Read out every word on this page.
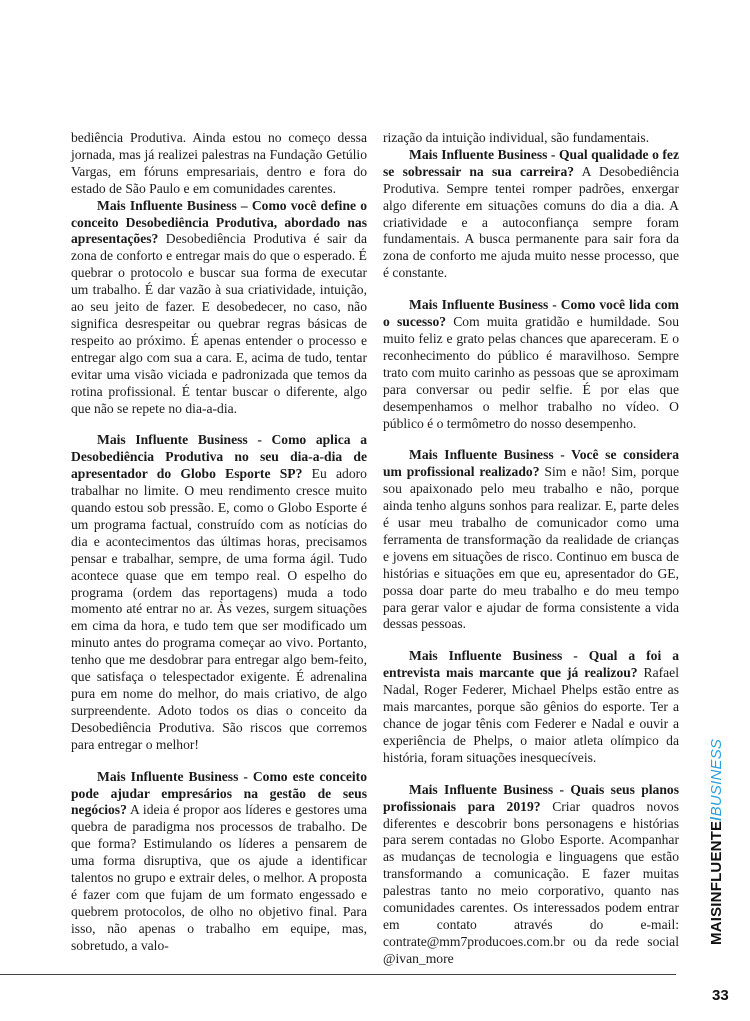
bediência Produtiva. Ainda estou no começo dessa jornada, mas já realizei palestras na Fundação Getúlio Vargas, em fóruns empresariais, dentro e fora do estado de São Paulo e em comunidades carentes.

Mais Influente Business – Como você define o conceito Desobediência Produtiva, abordado nas apresentações? Desobediência Produtiva é sair da zona de conforto e entregar mais do que o esperado. É quebrar o protocolo e buscar sua forma de executar um trabalho. É dar vazão à sua criatividade, intuição, ao seu jeito de fazer. E desobedecer, no caso, não significa desrespeitar ou quebrar regras básicas de respeito ao próximo. É apenas entender o processo e entregar algo com sua a cara. E, acima de tudo, tentar evitar uma visão viciada e padronizada que temos da rotina profissional. É tentar buscar o diferente, algo que não se repete no dia-a-dia.

Mais Influente Business - Como aplica a Desobediência Produtiva no seu dia-a-dia de apresentador do Globo Esporte SP? Eu adoro trabalhar no limite. O meu rendimento cresce muito quando estou sob pressão. E, como o Globo Esporte é um programa factual, construído com as notícias do dia e acontecimentos das últimas horas, precisamos pensar e trabalhar, sempre, de uma forma ágil. Tudo acontece quase que em tempo real. O espelho do programa (ordem das reportagens) muda a todo momento até entrar no ar. Às vezes, surgem situações em cima da hora, e tudo tem que ser modificado um minuto antes do programa começar ao vivo. Portanto, tenho que me desdobrar para entregar algo bem-feito, que satisfaça o telespectador exigente. É adrenalina pura em nome do melhor, do mais criativo, de algo surpreendente. Adoto todos os dias o conceito da Desobediência Produtiva. São riscos que corremos para entregar o melhor!

Mais Influente Business - Como este conceito pode ajudar empresários na gestão de seus negócios? A ideia é propor aos líderes e gestores uma quebra de paradigma nos processos de trabalho. De que forma? Estimulando os líderes a pensarem de uma forma disruptiva, que os ajude a identificar talentos no grupo e extrair deles, o melhor. A proposta é fazer com que fujam de um formato engessado e quebrem protocolos, de olho no objetivo final. Para isso, não apenas o trabalho em equipe, mas, sobretudo, a valo-

rização da intuição individual, são fundamentais.

Mais Influente Business - Qual qualidade o fez se sobressair na sua carreira? A Desobediência Produtiva. Sempre tentei romper padrões, enxergar algo diferente em situações comuns do dia a dia. A criatividade e a autoconfiança sempre foram fundamentais. A busca permanente para sair fora da zona de conforto me ajuda muito nesse processo, que é constante.

Mais Influente Business - Como você lida com o sucesso? Com muita gratidão e humildade. Sou muito feliz e grato pelas chances que apareceram. E o reconhecimento do público é maravilhoso. Sempre trato com muito carinho as pessoas que se aproximam para conversar ou pedir selfie. É por elas que desempenhamos o melhor trabalho no vídeo. O público é o termômetro do nosso desempenho.

Mais Influente Business - Você se considera um profissional realizado? Sim e não! Sim, porque sou apaixonado pelo meu trabalho e não, porque ainda tenho alguns sonhos para realizar. E, parte deles é usar meu trabalho de comunicador como uma ferramenta de transformação da realidade de crianças e jovens em situações de risco. Continuo em busca de histórias e situações em que eu, apresentador do GE, possa doar parte do meu trabalho e do meu tempo para gerar valor e ajudar de forma consistente a vida dessas pessoas.

Mais Influente Business - Qual a foi a entrevista mais marcante que já realizou? Rafael Nadal, Roger Federer, Michael Phelps estão entre as mais marcantes, porque são gênios do esporte. Ter a chance de jogar tênis com Federer e Nadal e ouvir a experiência de Phelps, o maior atleta olímpico da história, foram situações inesquecíveis.

Mais Influente Business - Quais seus planos profissionais para 2019? Criar quadros novos diferentes e descobrir bons personagens e histórias para serem contadas no Globo Esporte. Acompanhar as mudanças de tecnologia e linguagens que estão transformando a comunicação. E fazer muitas palestras tanto no meio corporativo, quanto nas comunidades carentes. Os interessados podem entrar em contato através do e-mail: contrate@mm7producoes.com.br ou da rede social @ivan_more

MAISINFLUENTE/BUSINESS
33
